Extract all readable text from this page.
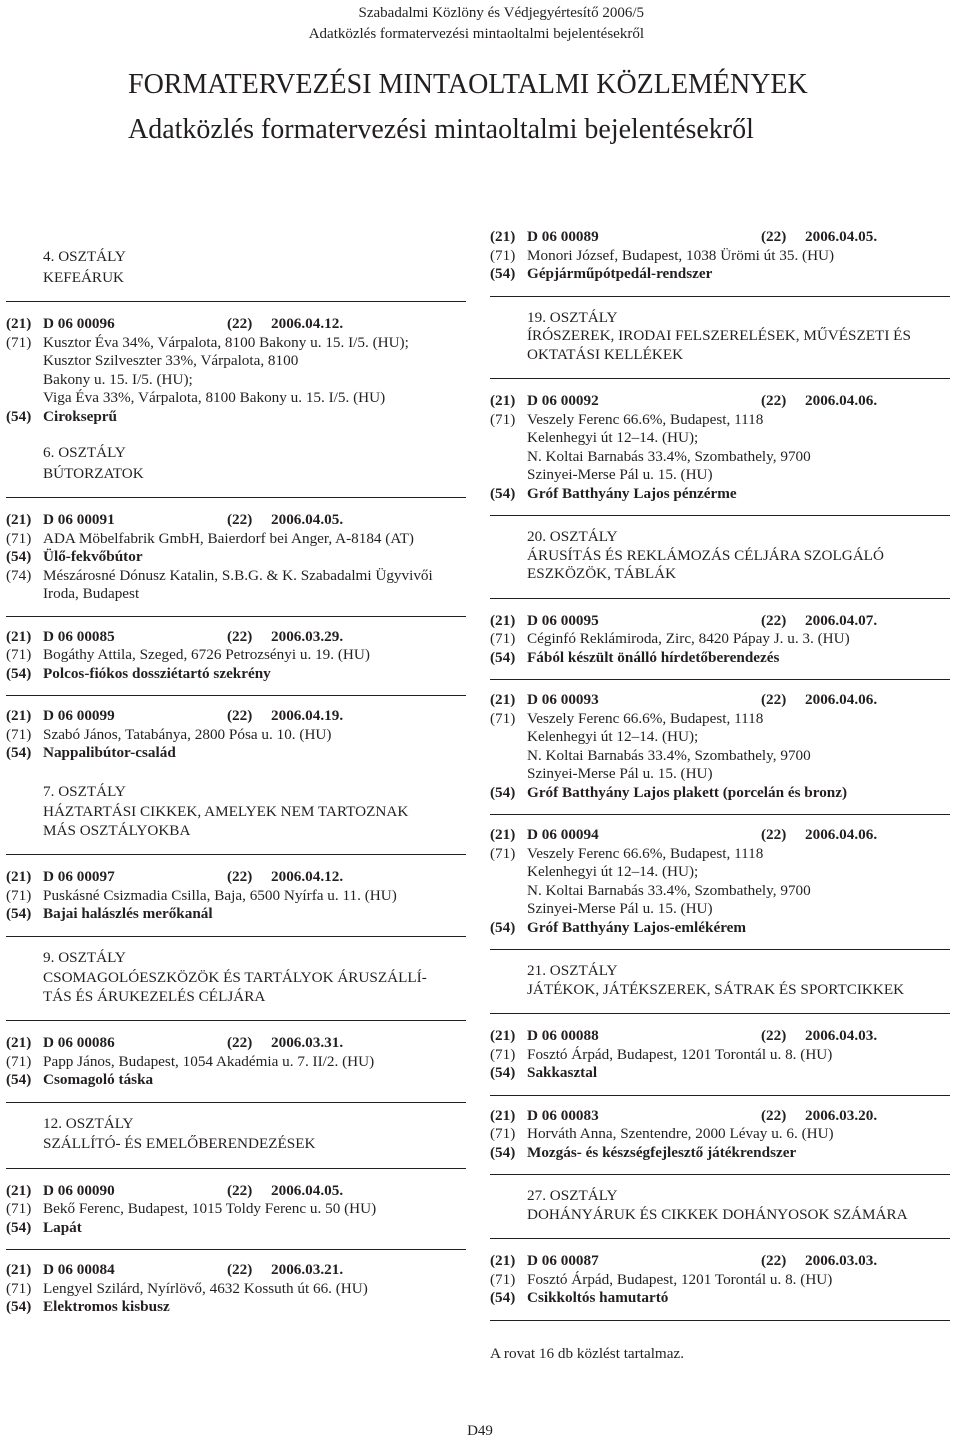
Szabadalmi Közlöny és Védjegyértesítő 2006/5
Adatközlés formatervezési mintaoltalmi bejelentésekről
FORMATERVEZÉSI MINTAOLTALMI KÖZLEMÉNYEK
Adatközlés formatervezési mintaoltalmi bejelentésekről
4. OSZTÁLY
KEFEÁRUK
(21) D 06 00096	(22)	2006.04.12.
(71) Kusztor Éva 34%, Várpalota, 8100 Bakony u. 15. I/5. (HU);
Kusztor Szilveszter 33%, Várpalota, 8100
Bakony u. 15. I/5. (HU);
Viga Éva 33%, Várpalota, 8100 Bakony u. 15. I/5. (HU)
(54) Cirokseprű
6. OSZTÁLY
BÚTORZATOK
(21) D 06 00091	(22)	2006.04.05.
(71) ADA Möbelfabrik GmbH, Baierdorf bei Anger, A-8184 (AT)
(54) Ülő-fekvőbútor
(74) Mészárosné Dónusz Katalin, S.B.G. & K. Szabadalmi Ügyvivői
Iroda, Budapest
(21) D 06 00085	(22)	2006.03.29.
(71) Bogáthy Attila, Szeged, 6726 Petrozsényi u. 19. (HU)
(54) Polcos-fiókos dossziétartó szekrény
(21) D 06 00099	(22)	2006.04.19.
(71) Szabó János, Tatabánya, 2800 Pósa u. 10. (HU)
(54) Nappalibútor-család
7. OSZTÁLY
HÁZTARTÁSI CIKKEK, AMELYEK NEM TARTOZNAK
MÁS OSZTÁLYOKBA
(21) D 06 00097	(22)	2006.04.12.
(71) Puskásné Csizmadia Csilla, Baja, 6500 Nyírfa u. 11. (HU)
(54) Bajai halászlés merőkanál
9. OSZTÁLY
CSOMAGOLÓESZKÖZÖK ÉS TARTÁLYOK ÁRUSZÁLLÍ-
TÁS ÉS ÁRUKEZELÉS CÉLJÁRA
(21) D 06 00086	(22)	2006.03.31.
(71) Papp János, Budapest, 1054 Akadémia u. 7. II/2. (HU)
(54) Csomagoló táska
12. OSZTÁLY
SZÁLLÍTÓ- ÉS EMELŐBERENDEZÉSEK
(21) D 06 00090	(22)	2006.04.05.
(71) Bekő Ferenc, Budapest, 1015 Toldy Ferenc u. 50 (HU)
(54) Lapát
(21) D 06 00084	(22)	2006.03.21.
(71) Lengyel Szilárd, Nyírlövő, 4632 Kossuth út 66. (HU)
(54) Elektromos kisbusz
(21) D 06 00089	(22)	2006.04.05.
(71) Monori József, Budapest, 1038 Ürömi út 35. (HU)
(54) Gépjárműpótpedál-rendszer
19. OSZTÁLY
ÍRÓSZEREK, IRODAI FELSZERELÉSEK, MŰVÉSZETI ÉS
OKTATÁSI KELLÉKEK
(21) D 06 00092	(22)	2006.04.06.
(71) Veszely Ferenc 66.6%, Budapest, 1118
Kelenhegyi út 12–14. (HU);
N. Koltai Barnabás 33.4%, Szombathely, 9700
Szinyei-Merse Pál u. 15. (HU)
(54) Gróf Batthyány Lajos pénzérme
20. OSZTÁLY
ÁRUSÍTÁS ÉS REKLÁMOZÁS CÉLJÁRA SZOLGÁLÓ
ESZKÖZÖK, TÁBLÁK
(21) D 06 00095	(22)	2006.04.07.
(71) Céginfó Reklámiroda, Zirc, 8420 Pápay J. u. 3. (HU)
(54) Fából készült önálló hírdetőberendezés
(21) D 06 00093	(22)	2006.04.06.
(71) Veszely Ferenc 66.6%, Budapest, 1118
Kelenhegyi út 12–14. (HU);
N. Koltai Barnabás 33.4%, Szombathely, 9700
Szinyei-Merse Pál u. 15. (HU)
(54) Gróf Batthyány Lajos plakett (porcelán és bronz)
(21) D 06 00094	(22)	2006.04.06.
(71) Veszely Ferenc 66.6%, Budapest, 1118
Kelenhegyi út 12–14. (HU);
N. Koltai Barnabás 33.4%, Szombathely, 9700
Szinyei-Merse Pál u. 15. (HU)
(54) Gróf Batthyány Lajos-emlékérem
21. OSZTÁLY
JÁTÉKOK, JÁTÉKSZEREK, SÁTRAK ÉS SPORTCIKKEK
(21) D 06 00088	(22)	2006.04.03.
(71) Fosztó Árpád, Budapest, 1201 Torontál u. 8. (HU)
(54) Sakkasztal
(21) D 06 00083	(22)	2006.03.20.
(71) Horváth Anna, Szentendre, 2000 Lévay u. 6. (HU)
(54) Mozgás- és készségfejlesztő játékrendszer
27. OSZTÁLY
DOHÁNYÁRUK ÉS CIKKEK DOHÁNYOSOK SZÁMÁRA
(21) D 06 00087	(22)	2006.03.03.
(71) Fosztó Árpád, Budapest, 1201 Torontál u. 8. (HU)
(54) Csikkoltós hamutartó
A rovat 16 db közlést tartalmaz.
D49
